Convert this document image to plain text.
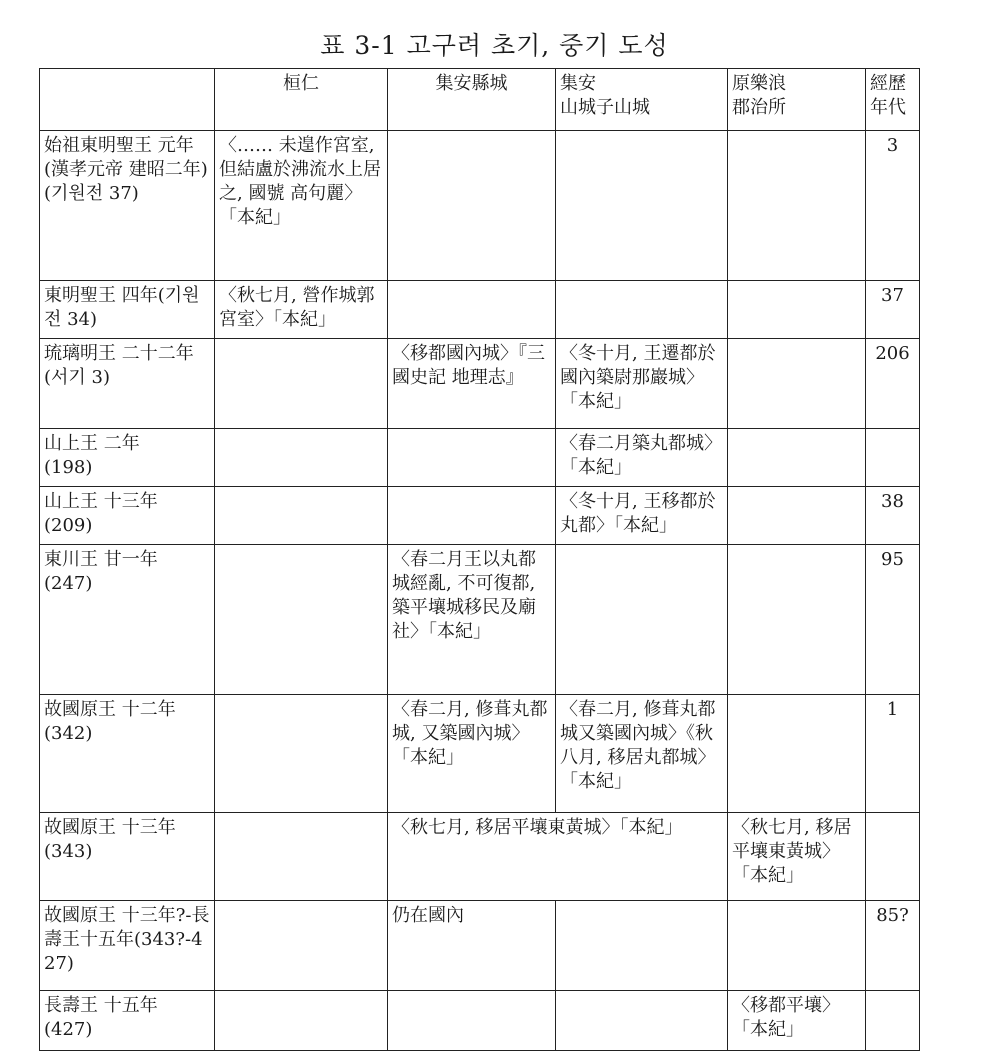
표 3-1 고구려 초기, 중기 도성
	桓仁	集安縣城	集安
山城子山城	原樂浪
郡治所	經歷
年代
始祖東明聖王 元年(漢孝元帝 建昭二年)
(기원전 37)	〈…… 未遑作宮室, 但結盧於沸流水上居之, 國號 高句麗〉「本紀」				3
東明聖王 四年(기원전 34)	〈秋七月, 營作城郭宮室〉「本紀」				37
琉璃明王 二十二年(서기 3)		〈移都國內城〉『三國史記 地理志』	〈冬十月, 王遷都於國內築尉那巖城〉「本紀」		206
山上王 二年
(198)			〈春二月築丸都城〉「本紀」		
山上王 十三年
(209)			〈冬十月, 王移都於丸都〉「本紀」		38
東川王 甘一年
(247)		〈春二月王以丸都城經亂, 不可復都, 築平壤城移民及廟社〉「本紀」			95
故國原王 十二年
(342)		〈春二月, 修葺丸都城, 又築國內城〉「本紀」	〈春二月, 修葺丸都城又築國內城〉《秋八月, 移居丸都城〉「本紀」		1
故國原王 十三年
(343)		〈秋七月, 移居平壤東黃城〉「本紀」		〈秋七月, 移居平壤東黃城〉「本紀」	
故國原王 十三年?-長壽王十五年(343?-427)		仍在國內			85?
長壽王 十五年
(427)				〈移都平壤〉「本紀」	
